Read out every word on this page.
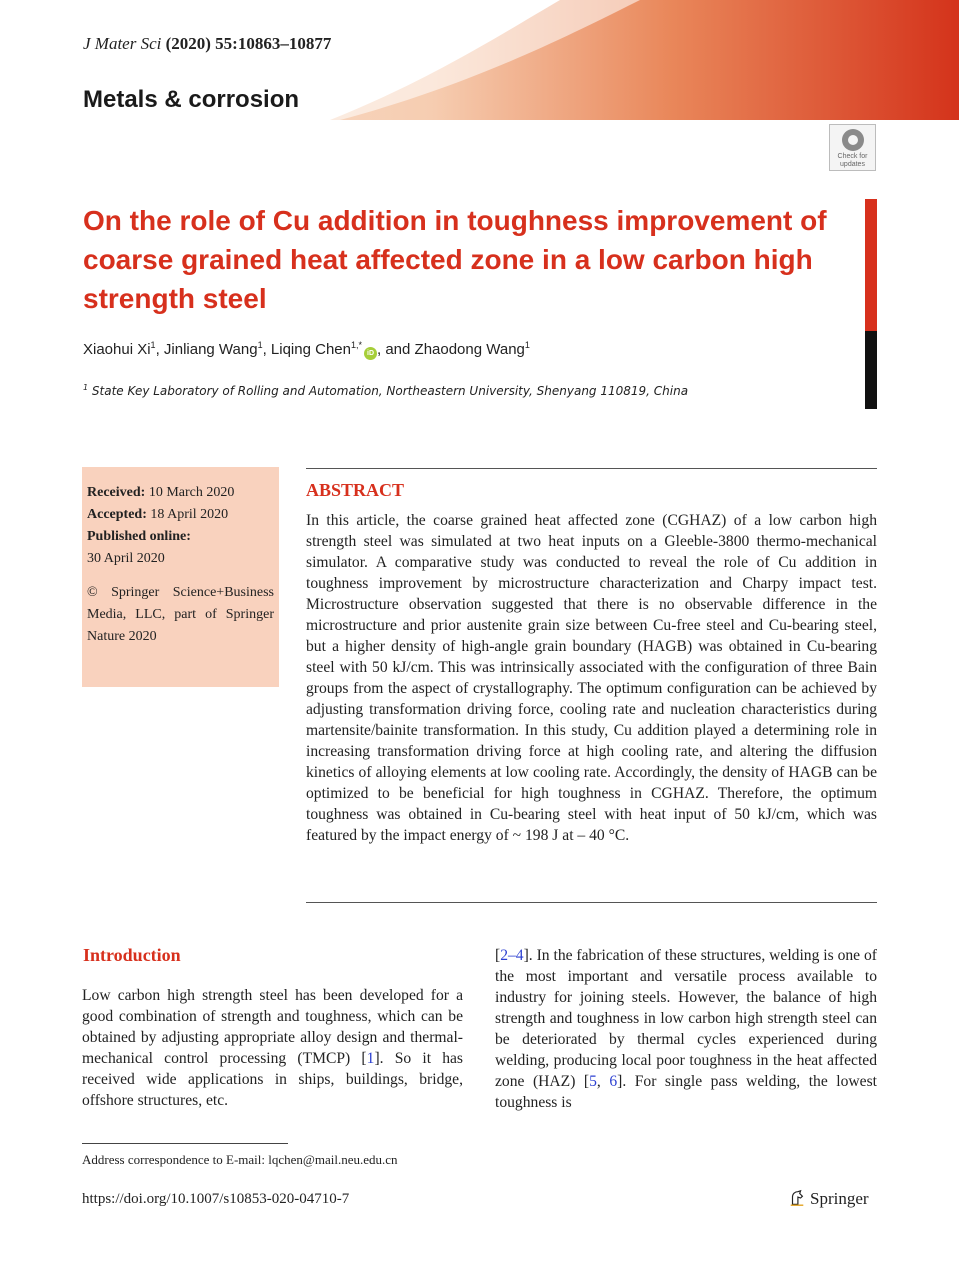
J Mater Sci (2020) 55:10863–10877
Metals & corrosion
Check for
updates
On the role of Cu addition in toughness improvement of coarse grained heat affected zone in a low carbon high strength steel
Xiaohui Xi$^1$, Jinliang Wang$^1$, Liqing Chen$^{1,*}$iD , and Zhaodong Wang$^1$
$^1$ State Key Laboratory of Rolling and Automation, Northeastern University, Shenyang 110819, China
Received: 10 March 2020
Accepted: 18 April 2020
Published online:
30 April 2020
© Springer Science+Business Media, LLC, part of Springer Nature 2020
ABSTRACT
In this article, the coarse grained heat affected zone (CGHAZ) of a low carbon high strength steel was simulated at two heat inputs on a Gleeble-3800 thermo-mechanical simulator. A comparative study was conducted to reveal the role of Cu addition in toughness improvement by microstructure characterization and Charpy impact test. Microstructure observation suggested that there is no observable difference in the microstructure and prior austenite grain size between Cu-free steel and Cu-bearing steel, but a higher density of high-angle grain boundary (HAGB) was obtained in Cu-bearing steel with 50 kJ/cm. This was intrinsically associated with the configuration of three Bain groups from the aspect of crystallography. The optimum configuration can be achieved by adjusting transformation driving force, cooling rate and nucleation characteristics during martensite/bainite transformation. In this study, Cu addition played a determining role in increasing transformation driving force at high cooling rate, and altering the diffusion kinetics of alloying elements at low cooling rate. Accordingly, the density of HAGB can be optimized to be beneficial for high toughness in CGHAZ. Therefore, the optimum toughness was obtained in Cu-bearing steel with heat input of 50 kJ/cm, which was featured by the impact energy of ~ 198 J at – 40 °C.
Introduction
Low carbon high strength steel has been developed for a good combination of strength and toughness, which can be obtained by adjusting appropriate alloy design and thermal-mechanical control processing (TMCP) [1]. So it has received wide applications in ships, buildings, bridge, offshore structures, etc.
[2–4]. In the fabrication of these structures, welding is one of the most important and versatile process available to industry for joining steels. However, the balance of high strength and toughness in low carbon high strength steel can be deteriorated by thermal cycles experienced during welding, producing local poor toughness in the heat affected zone (HAZ) [5, 6]. For single pass welding, the lowest toughness is
Address correspondence to E-mail: lqchen@mail.neu.edu.cn
https://doi.org/10.1007/s10853-020-04710-7	Springer
